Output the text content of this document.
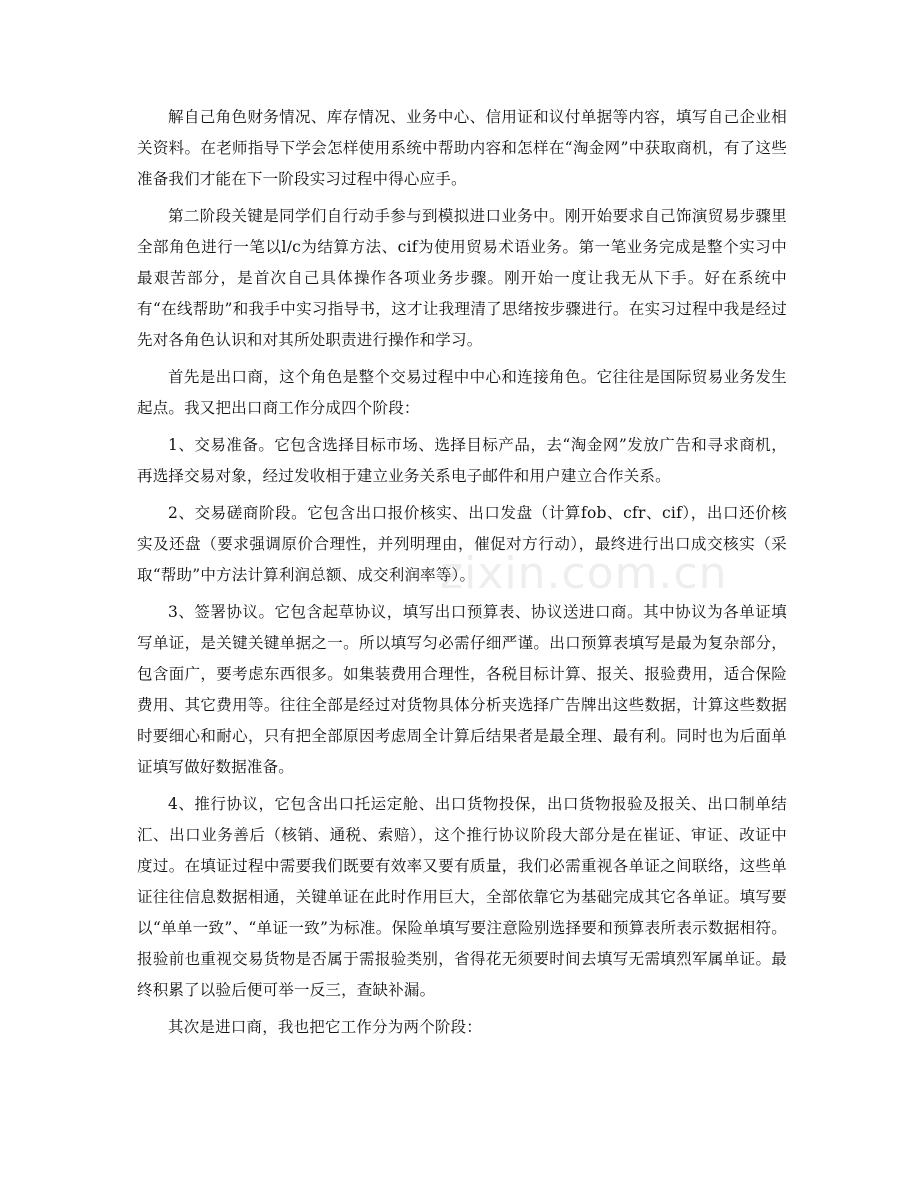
解自己角色财务情况、库存情况、业务中心、信用证和议付单据等内容，填写自己企业相关资料。在老师指导下学会怎样使用系统中帮助内容和怎样在“淘金网”中获取商机，有了这些准备我们才能在下一阶段实习过程中得心应手。

第二阶段关键是同学们自行动手参与到模拟进口业务中。刚开始要求自己饰演贸易步骤里全部角色进行一笔以l/c为结算方法、cif为使用贸易术语业务。第一笔业务完成是整个实习中最艰苦部分，是首次自己具体操作各项业务步骤。刚开始一度让我无从下手。好在系统中有“在线帮助”和我手中实习指导书，这才让我理清了思绪按步骤进行。在实习过程中我是经过先对各角色认识和对其所处职责进行操作和学习。

首先是出口商，这个角色是整个交易过程中中心和连接角色。它往往是国际贸易业务发生起点。我又把出口商工作分成四个阶段：

1、交易准备。它包含选择目标市场、选择目标产品，去“淘金网”发放广告和寻求商机，再选择交易对象，经过发收相于建立业务关系电子邮件和用户建立合作关系。

2、交易磋商阶段。它包含出口报价核实、出口发盘（计算fob、cfr、cif），出口还价核实及还盘（要求强调原价合理性，并列明理由，催促对方行动），最终进行出口成交核实（采取“帮助”中方法计算利润总额、成交利润率等）。

3、签署协议。它包含起草协议，填写出口预算表、协议送进口商。其中协议为各单证填写单证，是关键关键单据之一。所以填写匀必需仔细严谨。出口预算表填写是最为复杂部分，包含面广，要考虑东西很多。如集装费用合理性，各税目标计算、报关、报验费用，适合保险费用、其它费用等。往往全部是经过对货物具体分析夹选择广告牌出这些数据，计算这些数据时要细心和耐心，只有把全部原因考虑周全计算后结果者是最全理、最有利。同时也为后面单证填写做好数据准备。

4、推行协议，它包含出口托运定舱、出口货物投保，出口货物报验及报关、出口制单结汇、出口业务善后（核销、通税、索赔），这个推行协议阶段大部分是在崔证、审证、改证中度过。在填证过程中需要我们既要有效率又要有质量，我们必需重视各单证之间联络，这些单证往往信息数据相通，关键单证在此时作用巨大，全部依靠它为基础完成其它各单证。填写要以“单单一致”、“单证一致”为标准。保险单填写要注意险别选择要和预算表所表示数据相符。报验前也重视交易货物是否属于需报验类别，省得花无须要时间去填写无需填烈军属单证。最终积累了以验后便可举一反三，查缺补漏。

其次是进口商，我也把它工作分为两个阶段：

zixin.com.cn
